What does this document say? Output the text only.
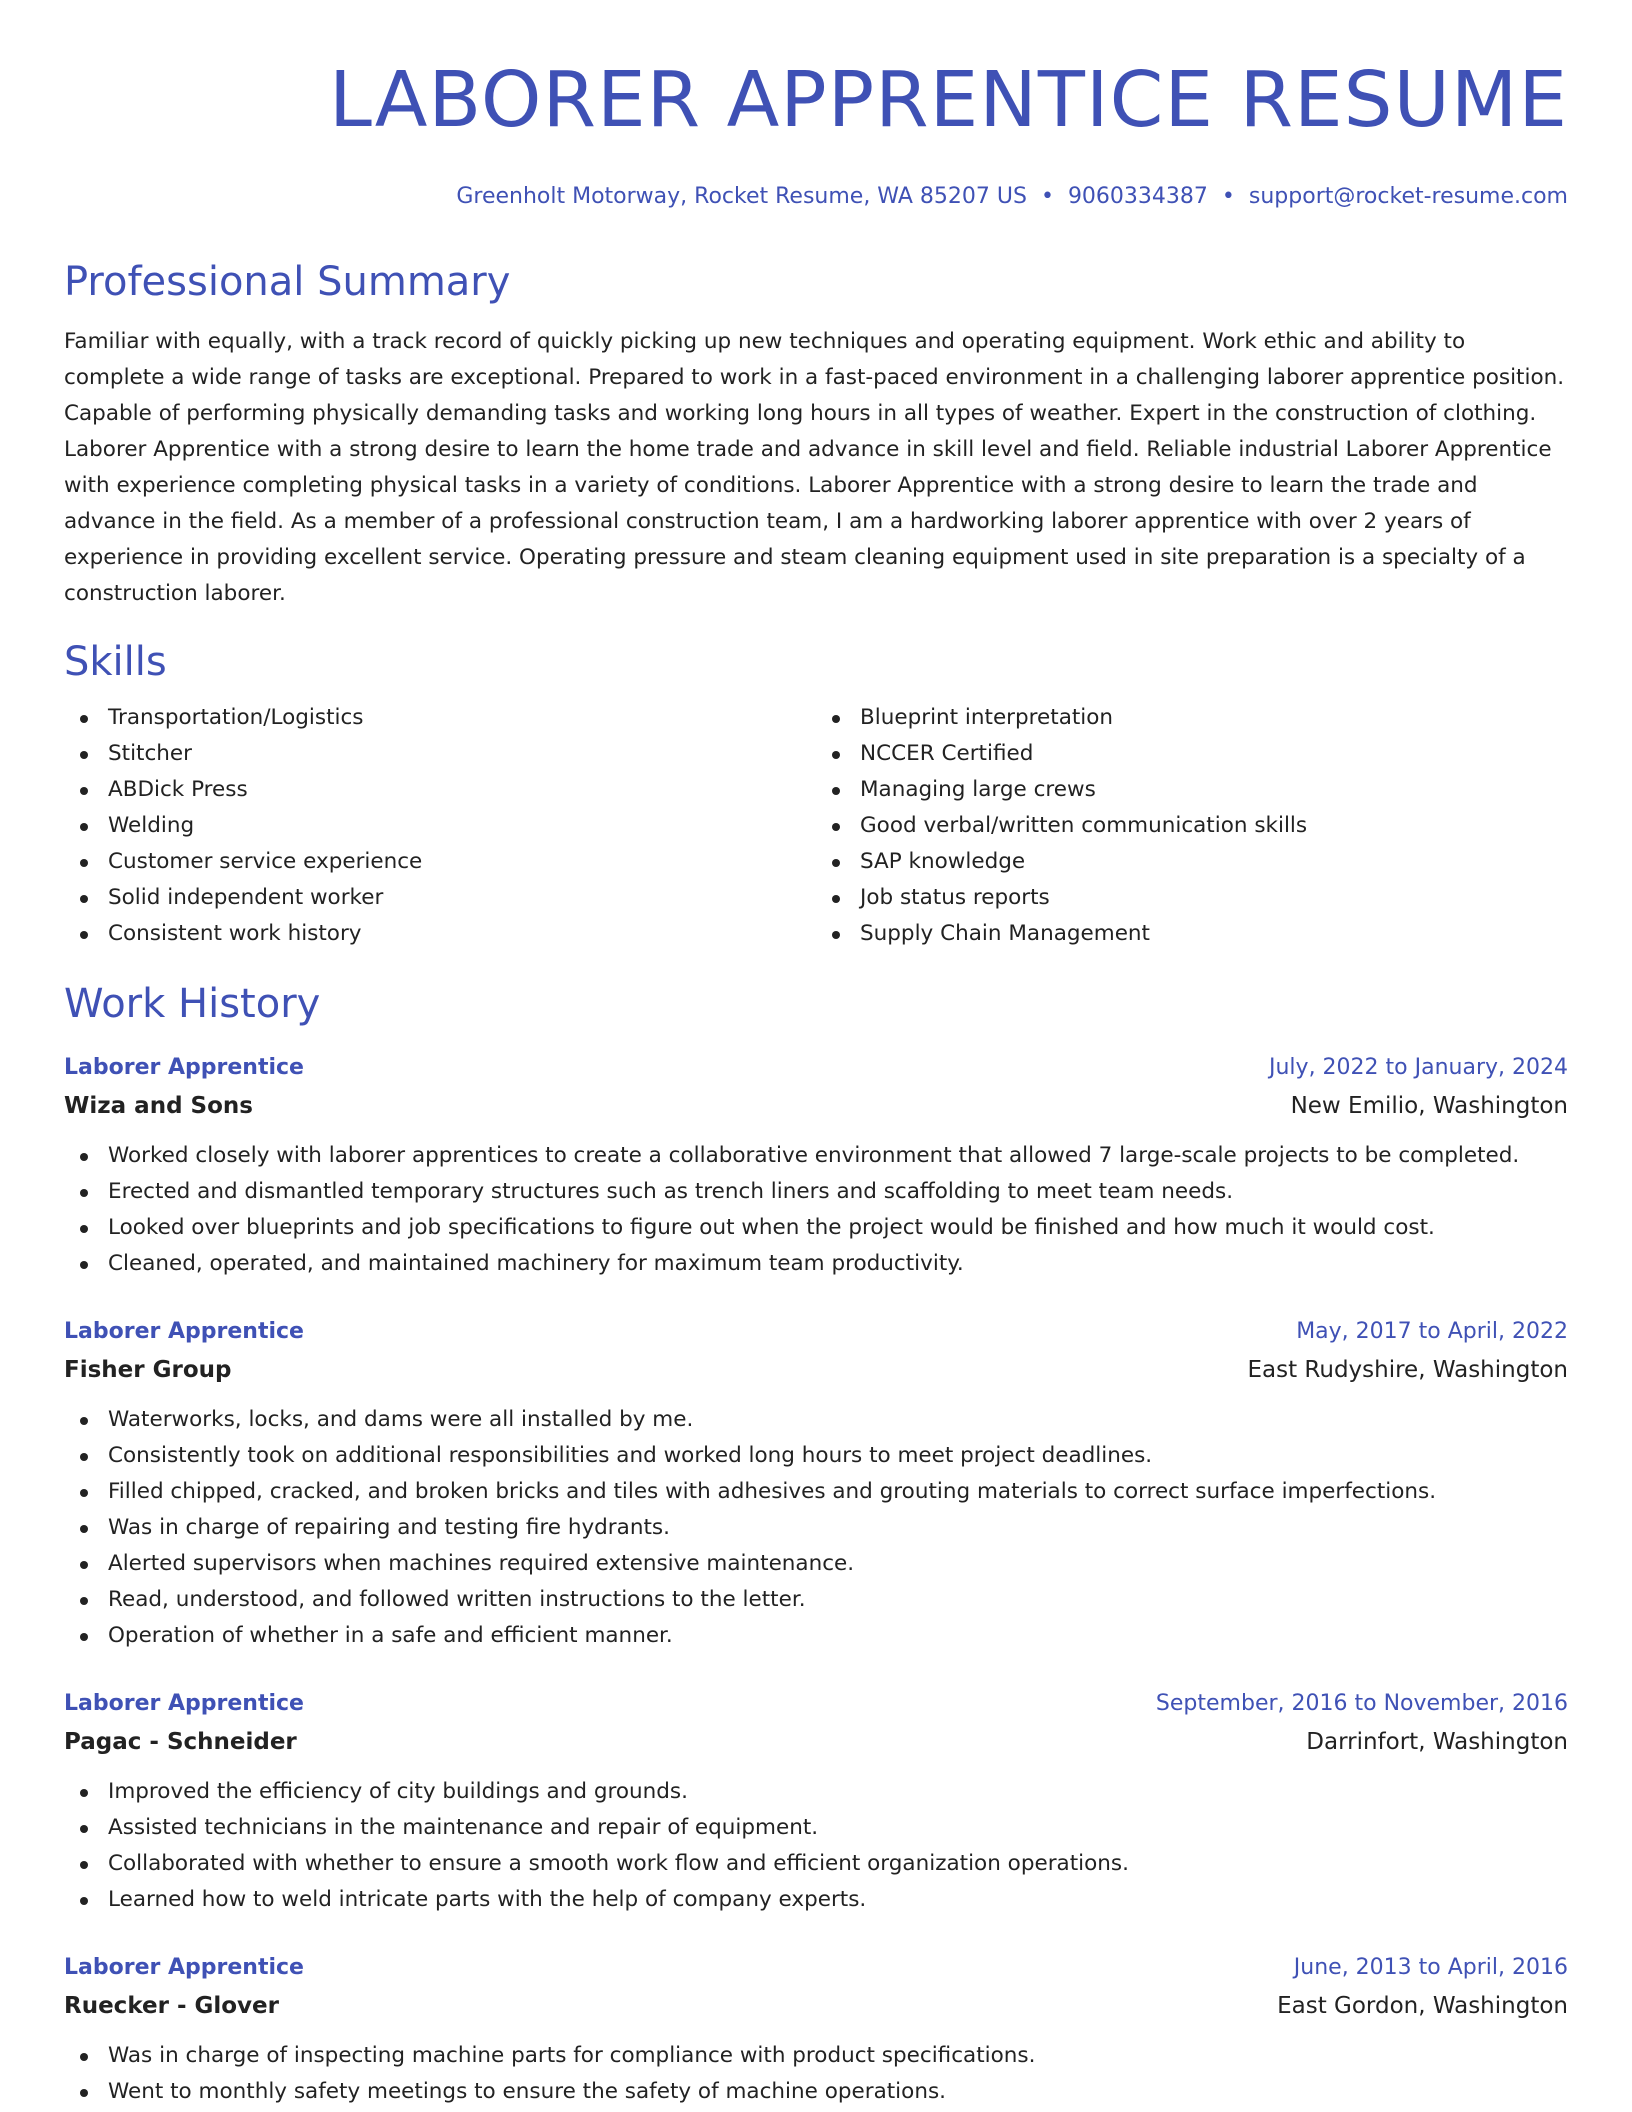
LABORER APPRENTICE RESUME
Greenholt Motorway, Rocket Resume, WA 85207 US • 9060334387 • support@rocket-resume.com
Professional Summary

Familiar with equally, with a track record of quickly picking up new techniques and operating equipment. Work ethic and ability to complete a wide range of tasks are exceptional. Prepared to work in a fast-paced environment in a challenging laborer apprentice position. Capable of performing physically demanding tasks and working long hours in all types of weather. Expert in the construction of clothing. Laborer Apprentice with a strong desire to learn the home trade and advance in skill level and field. Reliable industrial Laborer Apprentice with experience completing physical tasks in a variety of conditions. Laborer Apprentice with a strong desire to learn the trade and advance in the field. As a member of a professional construction team, I am a hardworking laborer apprentice with over 2 years of experience in providing excellent service. Operating pressure and steam cleaning equipment used in site preparation is a specialty of a construction laborer.

Skills
Transportation/Logistics
Stitcher
ABDick Press
Welding
Customer service experience
Solid independent worker
Consistent work history
Blueprint interpretation
NCCER Certified
Managing large crews
Good verbal/written communication skills
SAP knowledge
Job status reports
Supply Chain Management
Work History
Laborer Apprentice	July, 2022 to January, 2024
Wiza and Sons	New Emilio, Washington
Worked closely with laborer apprentices to create a collaborative environment that allowed 7 large-scale projects to be completed.
Erected and dismantled temporary structures such as trench liners and scaffolding to meet team needs.
Looked over blueprints and job specifications to figure out when the project would be finished and how much it would cost.
Cleaned, operated, and maintained machinery for maximum team productivity.
Laborer Apprentice	May, 2017 to April, 2022
Fisher Group	East Rudyshire, Washington
Waterworks, locks, and dams were all installed by me.
Consistently took on additional responsibilities and worked long hours to meet project deadlines.
Filled chipped, cracked, and broken bricks and tiles with adhesives and grouting materials to correct surface imperfections.
Was in charge of repairing and testing fire hydrants.
Alerted supervisors when machines required extensive maintenance.
Read, understood, and followed written instructions to the letter.
Operation of whether in a safe and efficient manner.
Laborer Apprentice	September, 2016 to November, 2016
Pagac - Schneider	Darrinfort, Washington
Improved the efficiency of city buildings and grounds.
Assisted technicians in the maintenance and repair of equipment.
Collaborated with whether to ensure a smooth work flow and efficient organization operations.
Learned how to weld intricate parts with the help of company experts.
Laborer Apprentice	June, 2013 to April, 2016
Ruecker - Glover	East Gordon, Washington
Was in charge of inspecting machine parts for compliance with product specifications.
Went to monthly safety meetings to ensure the safety of machine operations.
